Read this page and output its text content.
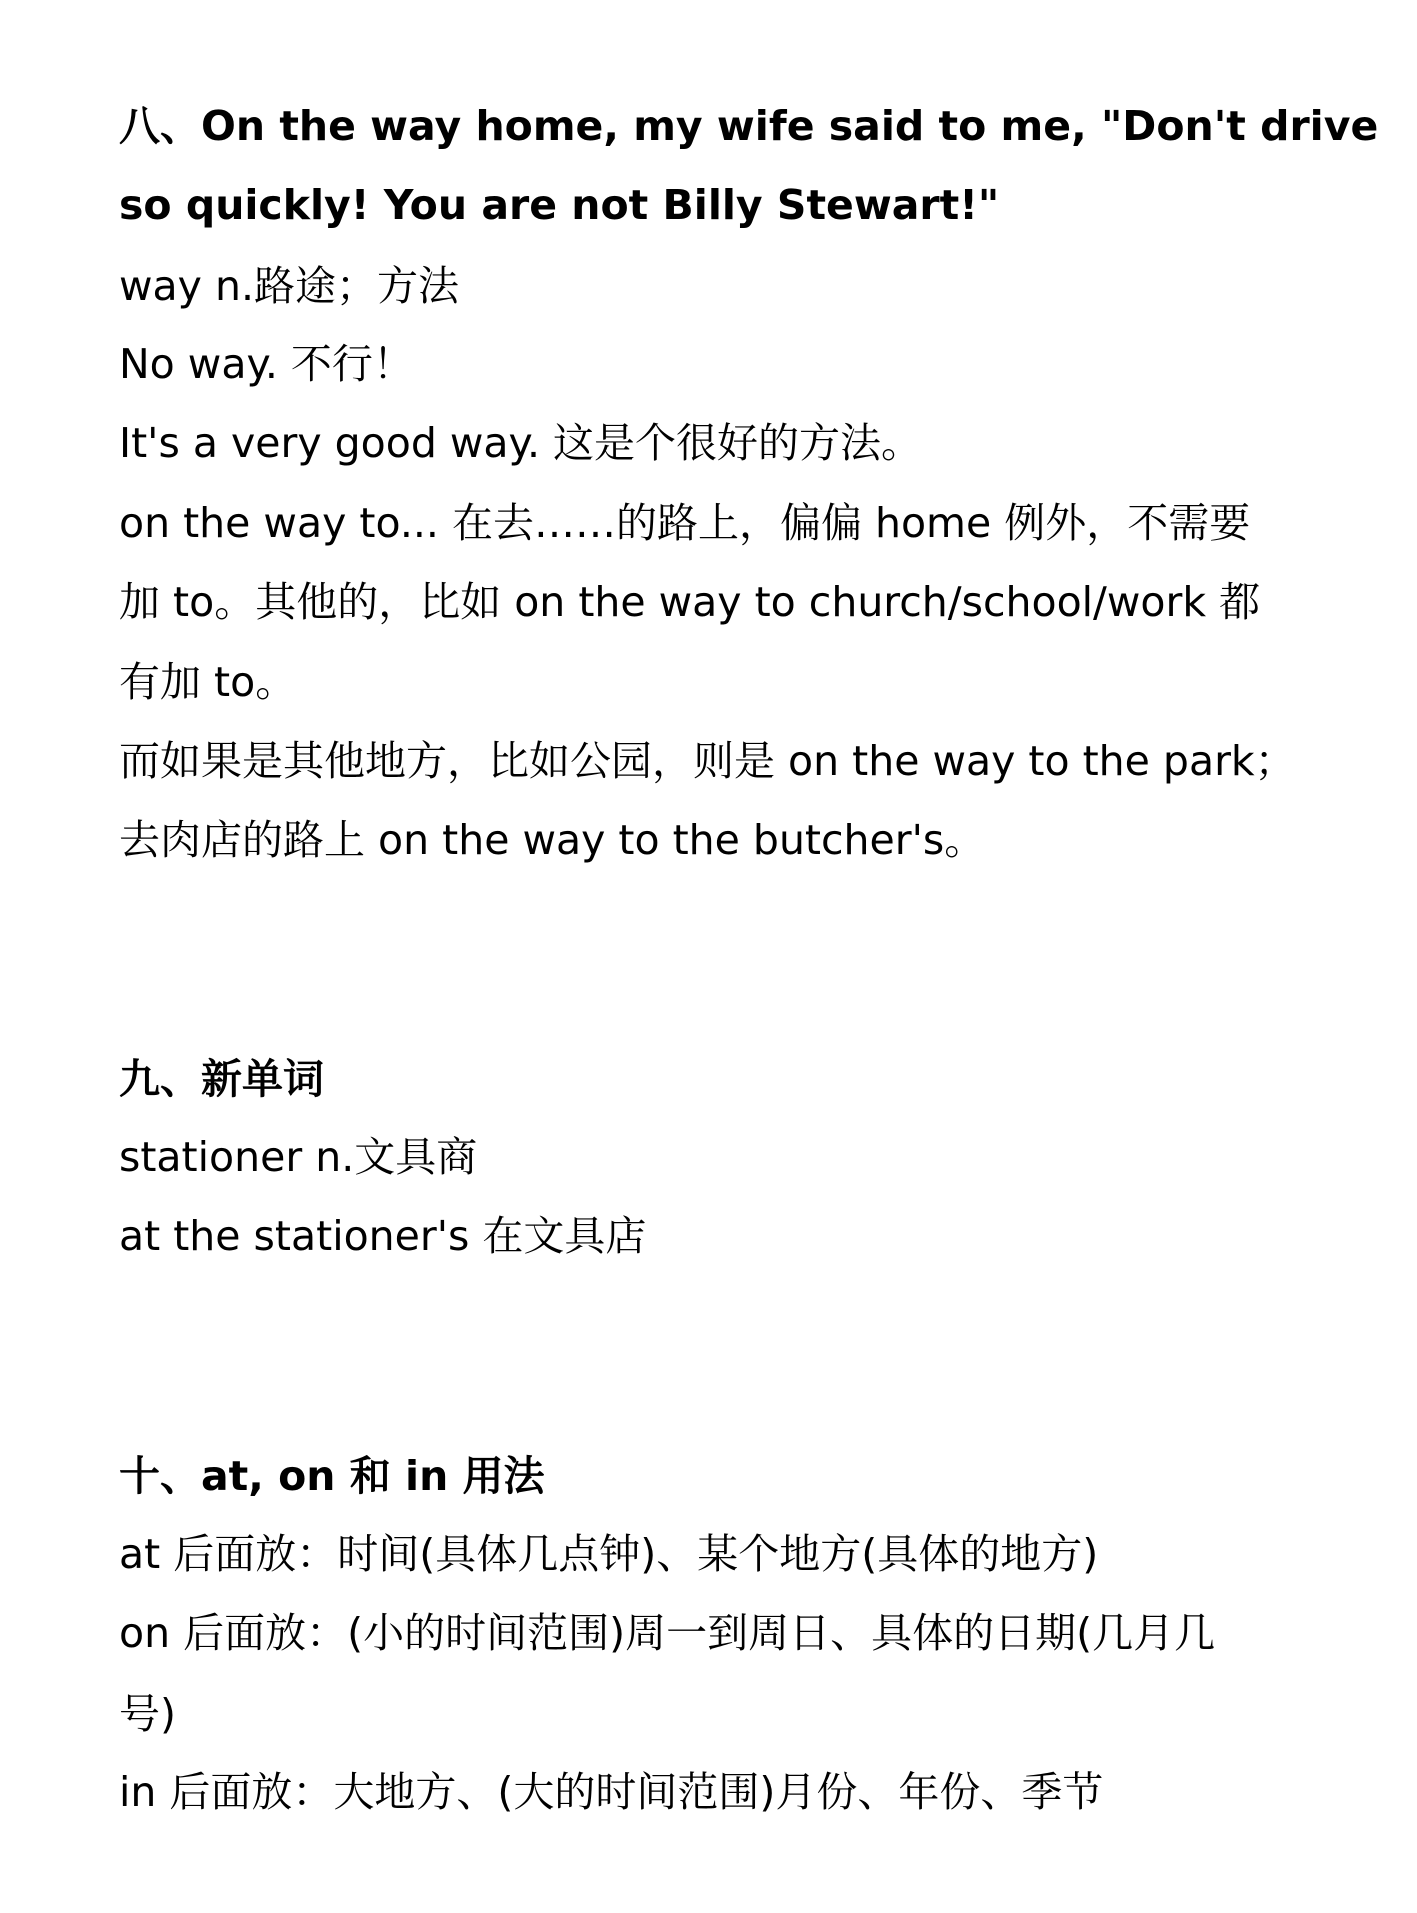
八、On the way home, my wife said to me, "Don't drive
so quickly! You are not Billy Stewart!"
way n.路途；方法
No way. 不行！
It's a very good way. 这是个很好的方法。
on the way to... 在去……的路上，偏偏 home 例外，不需要
加 to。其他的，比如 on the way to church/school/work 都
有加 to。
而如果是其他地方，比如公园，则是 on the way to the park；
去肉店的路上 on the way to the butcher's。
九、新单词
stationer n.文具商
at the stationer's 在文具店
十、at, on 和 in 用法
at 后面放：时间(具体几点钟)、某个地方(具体的地方)
on 后面放：(小的时间范围)周一到周日、具体的日期(几月几
号)
in 后面放：大地方、(大的时间范围)月份、年份、季节
